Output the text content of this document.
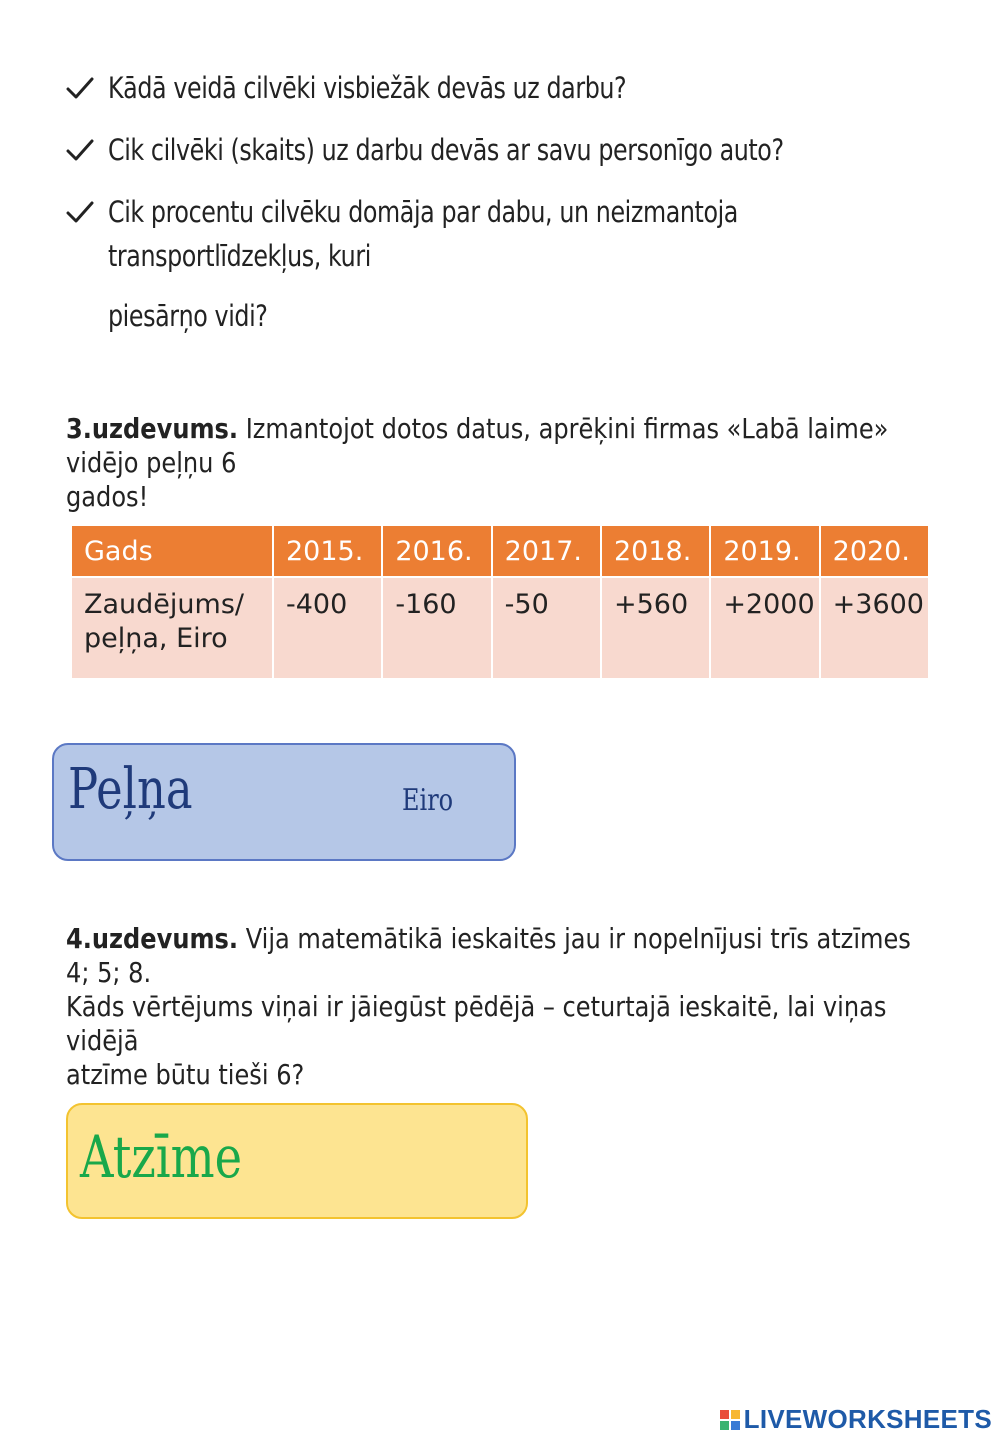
Kādā veidā cilvēki visbiežāk devās uz darbu?
Cik cilvēki (skaits) uz darbu devās ar savu personīgo auto?
Cik procentu cilvēku domāja par dabu, un neizmantoja transportlīdzekļus, kuri
piesārņo vidi?
3.uzdevums. Izmantojot dotos datus, aprēķini firmas «Labā laime» vidējo peļņu 6
gados!
Gads	2015.	2016.	2017.	2018.	2019.	2020.

Zaudējums/
peļņa, Eiro	-400	-160	-50	+560	+2000	+3600
Peļņa	Eiro
4.uzdevums. Vija matemātikā ieskaitēs jau ir nopelnījusi trīs atzīmes 4; 5; 8.
Kāds vērtējums viņai ir jāiegūst pēdējā – ceturtajā ieskaitē, lai viņas vidējā
atzīme būtu tieši 6?
Atzīme
LIVEWORKSHEETS
